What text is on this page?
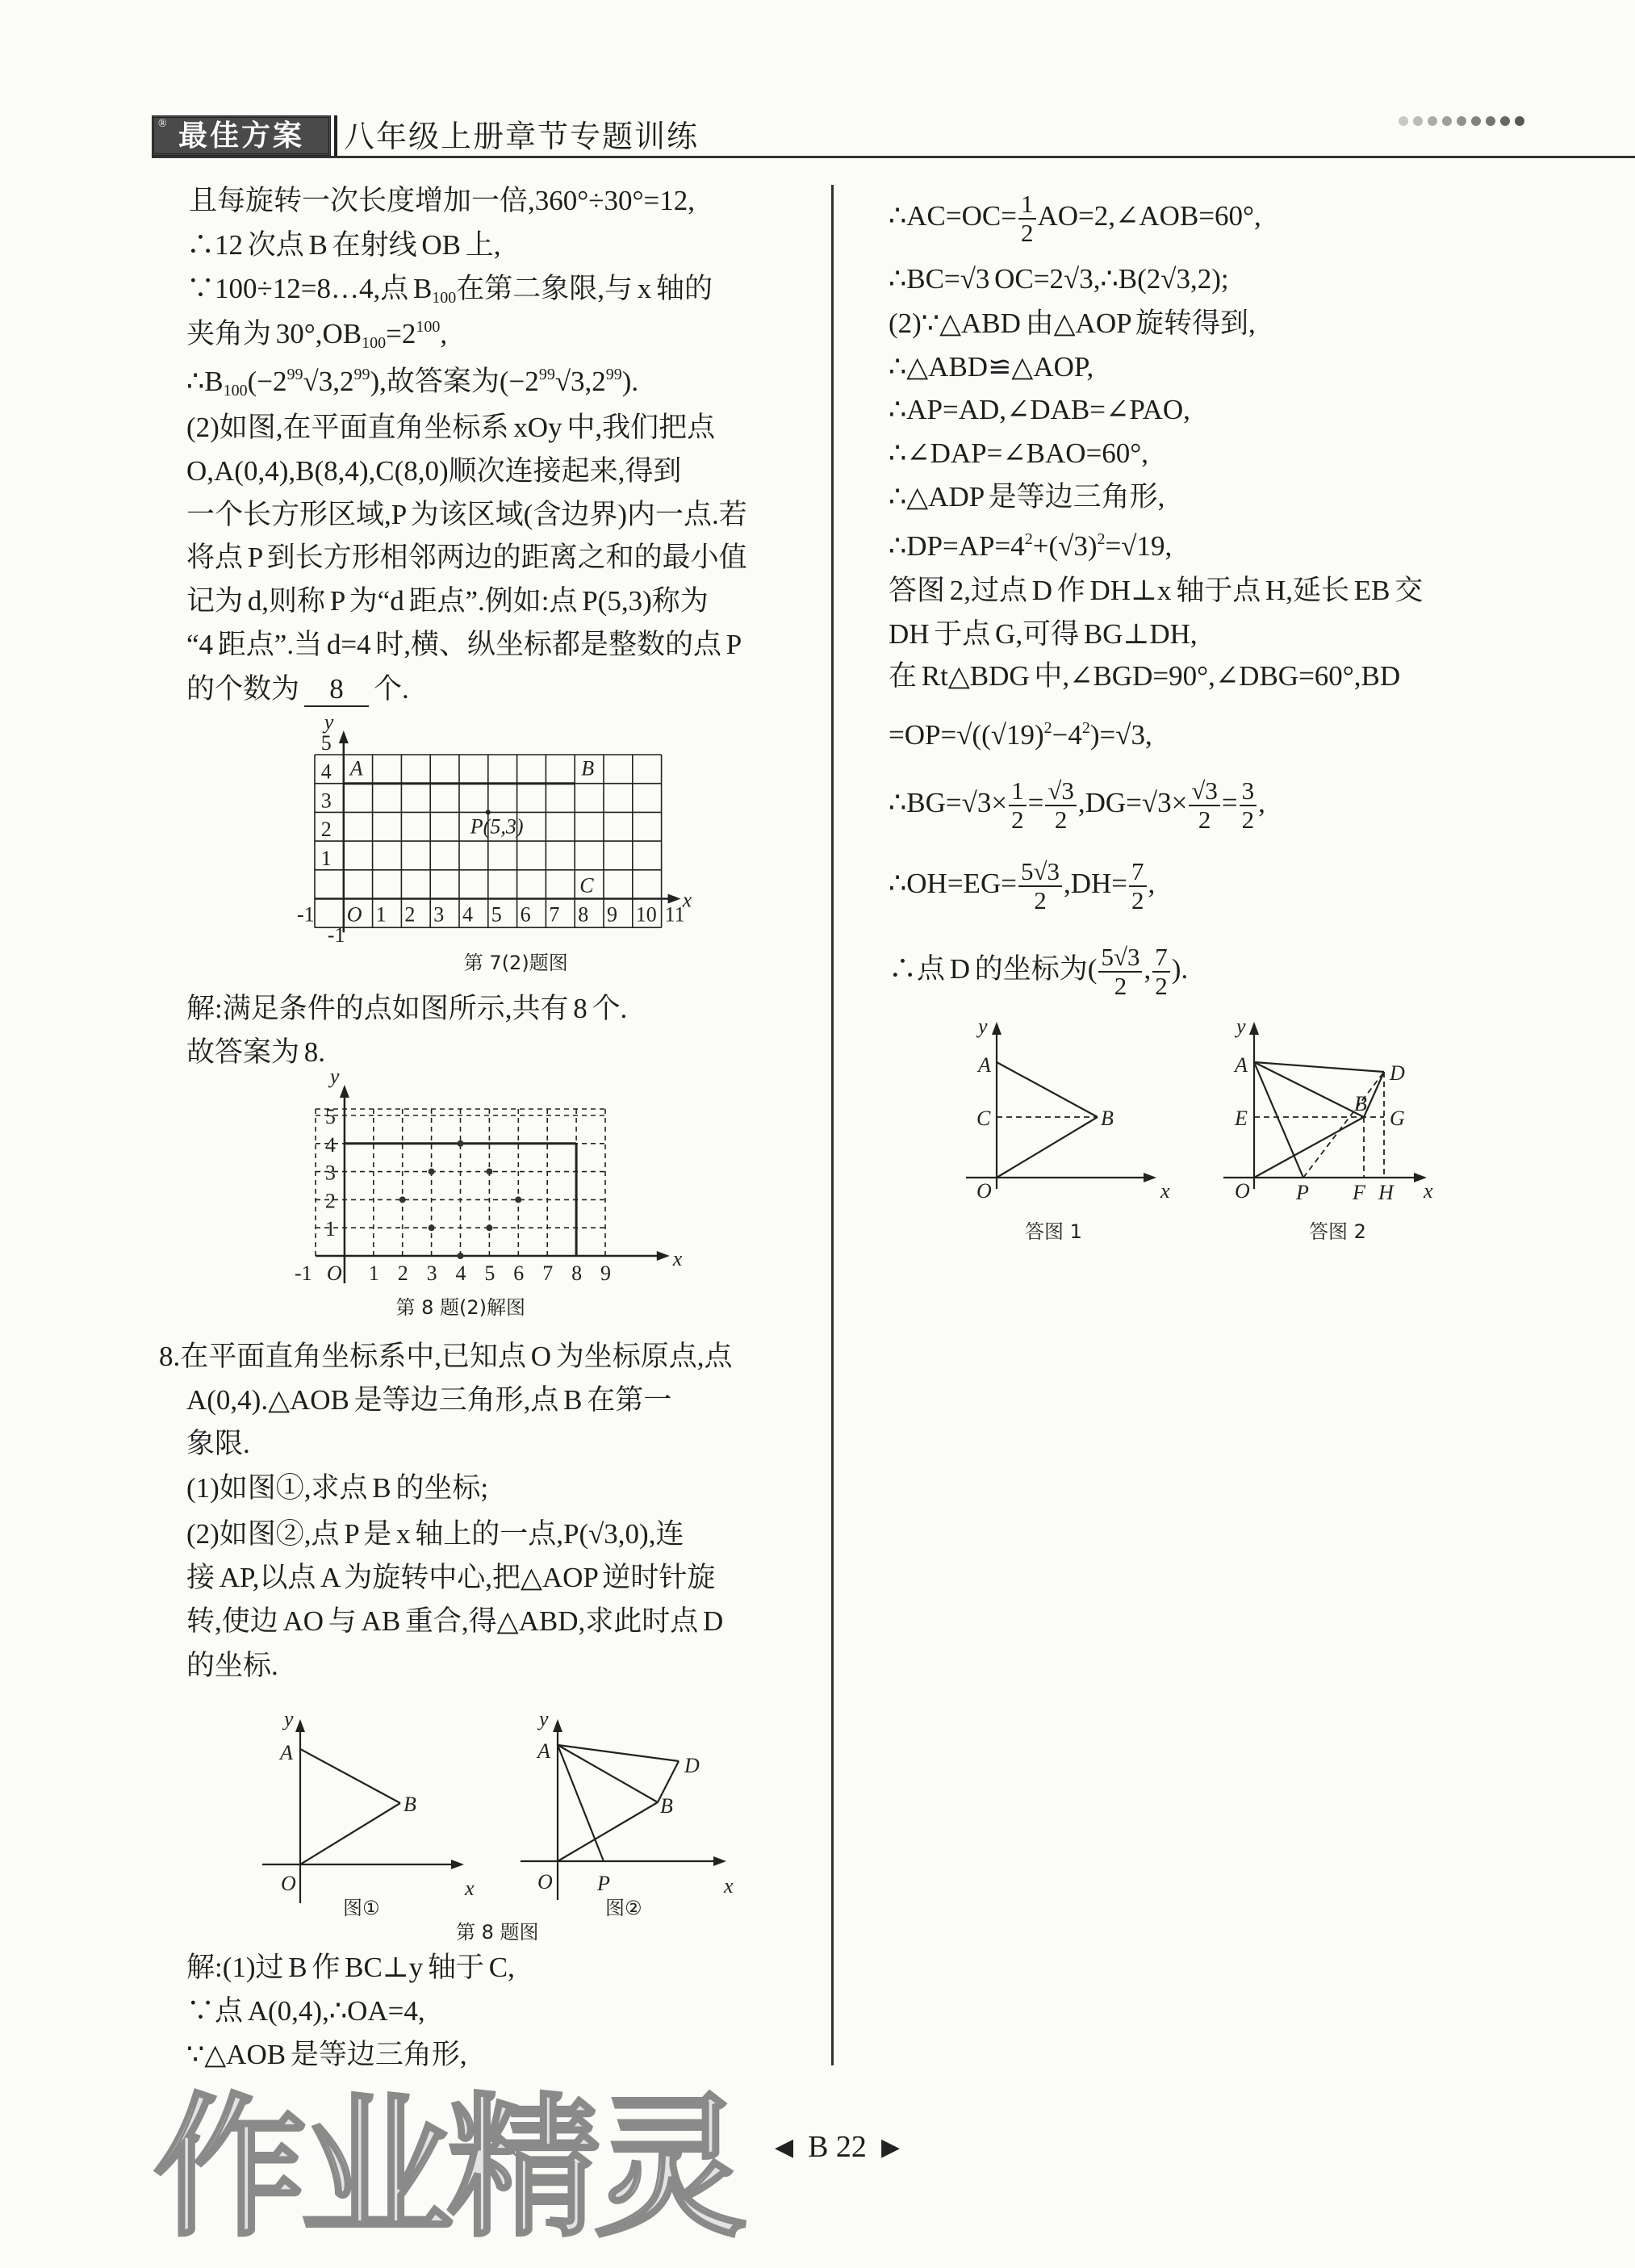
最佳方案
®	八年级上册章节专题训练
且每旋转一次长度增加一倍,360°÷30°=12,
∴12 次点 B 在射线 OB 上,
∵100÷12=8…4,点 $B_{100}$在第二象限,与 x 轴的
夹角为 $30^\circ,OB_{100}=2^{100}$,
$\therefore B_{100}(-2^{99}√3,2^{99})$,故答案为$(-2^{99}√3,2^{99})$.
(2)如图,在平面直角坐标系 xOy 中,我们把点
O,A(0,4),B(8,4),C(8,0)顺次连接起来,得到
一个长方形区域,P 为该区域(含边界)内一点.若
将点 P 到长方形相邻两边的距离之和的最小值
记为 d,则称 P 为“d 距点”.例如:点 P(5,3)称为
“4 距点”.当 d=4 时,横、纵坐标都是整数的点 P
的个数为 8 个.
解:满足条件的点如图所示,共有 8 个.
故答案为 8.
8.在平面直角坐标系中,已知点 O 为坐标原点,点
A(0,4).△AOB 是等边三角形,点 B 在第一
象限.
(1)如图①,求点 B 的坐标;
(2)如图②,点 P 是 x 轴上的一点,P(√3,0),连
接 AP,以点 A 为旋转中心,把△AOP 逆时针旋
转,使边 AO 与 AB 重合,得△ABD,求此时点 D
的坐标.
解:(1)过 B 作 BC⊥y 轴于 C,
∵点 A(0,4),∴OA=4,
∵△AOB 是等边三角形,
∴AC=OC= $\frac{1}{2}$ AO=2,∠AOB=60°,
∴BC=√3 OC=2√3,∴B(2√3,2);
(2)∵△ABD 由△AOP 旋转得到,
∴△ABD≌△AOP,
∴AP=AD,∠DAB=∠PAO,
∴∠DAP=∠BAO=60°,
∴△ADP 是等边三角形,
$\therefore DP=AP=4^2+(√3)^2=√19$,
答图 2,过点 D 作 DH⊥x 轴于点 H,延长 EB 交
DH 于点 G,可得 BG⊥DH,
在 Rt△BDG 中,∠BGD=90°,∠DBG=60°,BD
$=OP=√((√19)^2-4^2)=√3$,
∴BG=√3× $\frac{1}{2} = \frac{√3}{2} ,DG=√3\times \frac{√3}{2} = \frac{3}{2}$ ,
∴OH=EG= $\frac{5√3}{2} ,DH= \frac{7}{2}$ ,
∴点 D 的坐标为( $\frac{5√3}{2}$ , $\frac{7}{2}$ ).
-1 O 1 2 3 4 5 6 7 8 9 10 11
5
4
3
2
1
-1
x
y
A	B
C
P(5,3)
第 7(2)题图
-1 O 1 2 3 4 5 6 7 8 9
5
4
3
2
1
x
y
第 8 题(2)解图
A
B
O	x
y
图①
A
D
B
O P	x
y
图②
第 8 题图
A
C	B
O	x
y
答图 1
A
E
D
G
B
O P F H x
y
答图 2
作业精灵 ◀ B 22 ▶
